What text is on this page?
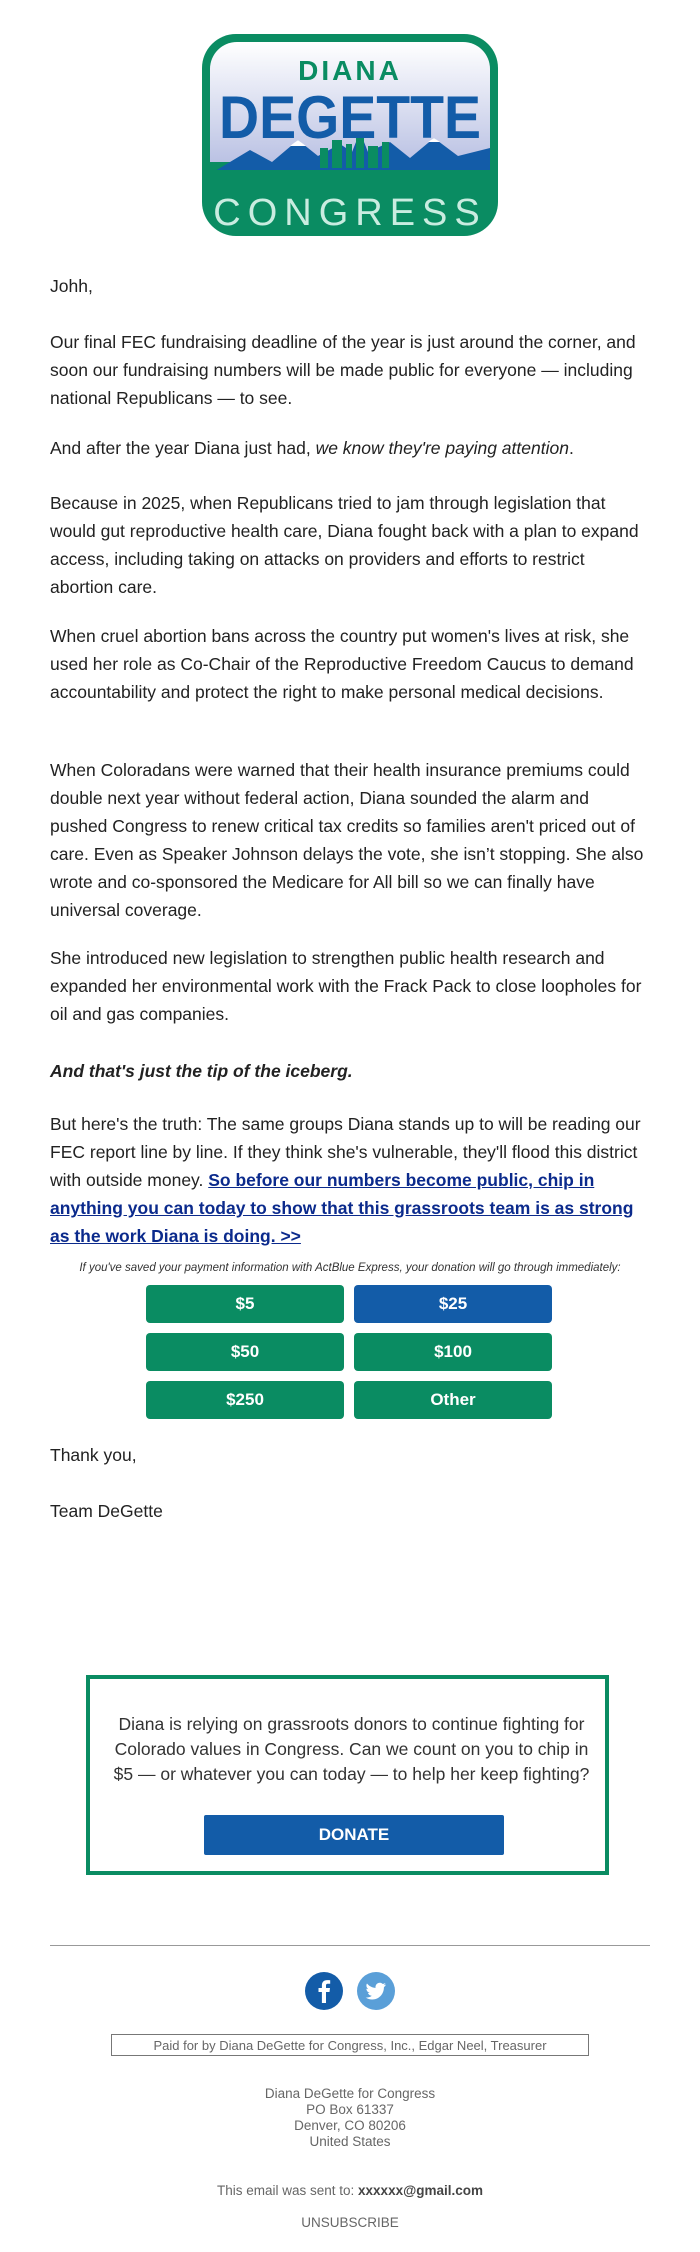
DIANA
DEGETTE
CONGRESS

Johh,

Our final FEC fundraising deadline of the year is just around the corner, and soon our fundraising numbers will be made public for everyone — including national Republicans — to see.

And after the year Diana just had, we know they're paying attention.

Because in 2025, when Republicans tried to jam through legislation that would gut reproductive health care, Diana fought back with a plan to expand access, including taking on attacks on providers and efforts to restrict abortion care.

When cruel abortion bans across the country put women's lives at risk, she used her role as Co-Chair of the Reproductive Freedom Caucus to demand accountability and protect the right to make personal medical decisions.

When Coloradans were warned that their health insurance premiums could double next year without federal action, Diana sounded the alarm and pushed Congress to renew critical tax credits so families aren't priced out of care. Even as Speaker Johnson delays the vote, she isn’t stopping. She also wrote and co-sponsored the Medicare for All bill so we can finally have universal coverage.

She introduced new legislation to strengthen public health research and expanded her environmental work with the Frack Pack to close loopholes for oil and gas companies.

And that's just the tip of the iceberg.

But here's the truth: The same groups Diana stands up to will be reading our FEC report line by line. If they think she's vulnerable, they'll flood this district with outside money. So before our numbers become public, chip in anything you can today to show that this grassroots team is as strong as the work Diana is doing. >>

If you've saved your payment information with ActBlue Express, your donation will go through immediately:

$5	$25
$50	$100
$250	Other

Thank you,

Team DeGette

Diana is relying on grassroots donors to continue fighting for Colorado values in Congress. Can we count on you to chip in $5 — or whatever you can today — to help her keep fighting?

DONATE
Paid for by Diana DeGette for Congress, Inc., Edgar Neel, Treasurer
Diana DeGette for Congress
PO Box 61337
Denver, CO 80206
United States
This email was sent to: xxxxxx@gmail.com
UNSUBSCRIBE
